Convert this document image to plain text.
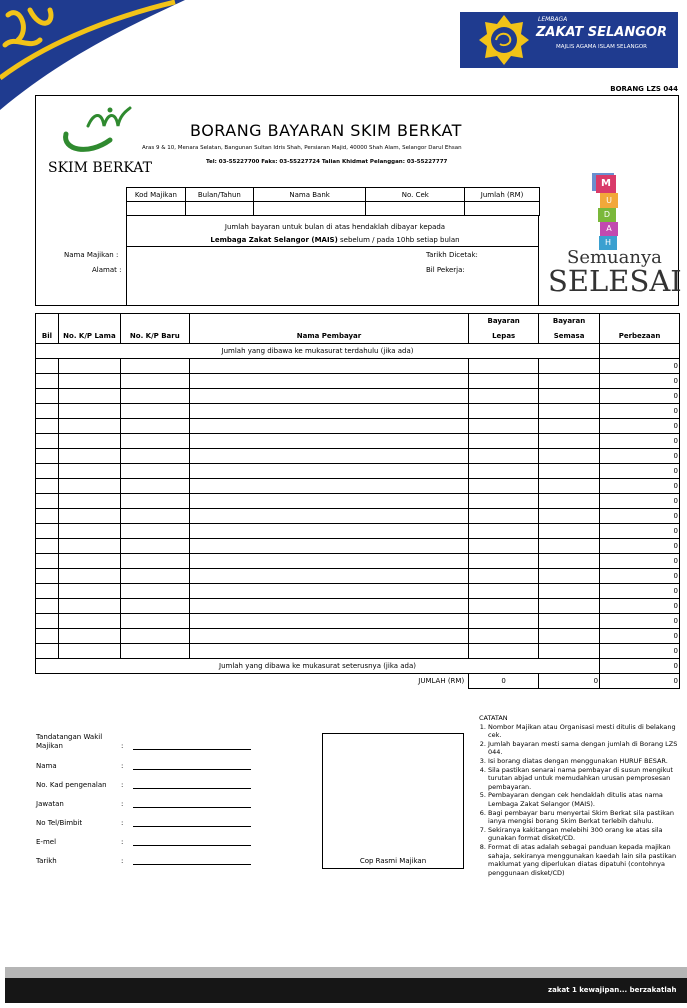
LEMBAGA
ZAKAT SELANGOR
MAJLIS AGAMA ISLAM SELANGOR
BORANG LZS 044
SKIM BERKAT
BORANG BAYARAN SKIM BERKAT
Aras 9 & 10, Menara Selatan, Bangunan Sultan Idris Shah, Persiaran Majid, 40000 Shah Alam, Selangor Darul Ehsan
Tel: 03-55227700 Faks: 03-55227724 Talian Khidmat Pelanggan: 03-55227777
Kod Majikan	Bulan/Tahun	Nama Bank	No. Cek	Jumlah (RM)

Jumlah bayaran untuk bulan di atas hendaklah dibayar kepada
Lembaga Zakat Selangor (MAIS) sebelum / pada 10hb setiap bulan
Nama Majikan :
Alamat :
Tarikh Dicetak:
Bil Pekerja:
M
U
D
A
H
Semuanya
SELESAI
				Bayaran	Bayaran	
Bil	No. K/P Lama	No. K/P Baru	Nama Pembayar	Lepas	Semasa	Perbezaan
Jumlah yang dibawa ke mukasurat terdahulu (jika ada)						
						0
						0
						0
						0
						0
						0
						0
						0
						0
						0
						0
						0
						0
						0
						0
						0
						0
						0
						0
						0
Jumlah yang dibawa ke mukasurat seterusnya (jika ada)						0
JUMLAH (RM)				0	0	0
Tandatangan Wakil
Majikan	:
Nama	:
No. Kad pengenalan :
Jawatan	:
No Tel/Bimbit	:
E-mel	:
Tarikh	:	Cop Rasmi Majikan
CATATAN
1. Nombor Majikan atau Organisasi mesti ditulis di belakang cek.
2. Jumlah bayaran mesti sama dengan jumlah di Borang LZS 044.
3. Isi borang diatas dengan menggunakan HURUF BESAR.
4. Sila pastikan senarai nama pembayar di susun mengikut turutan abjad untuk memudahkan urusan pemprosesan pembayaran.
5. Pembayaran dengan cek hendaklah ditulis atas nama Lembaga Zakat Selangor (MAIS).
6. Bagi pembayar baru menyertai Skim Berkat sila pastikan ianya mengisi borang Skim Berkat terlebih dahulu.
7. Sekiranya kakitangan melebihi 300 orang ke atas sila gunakan format disket/CD.
8. Format di atas adalah sebagai panduan kepada majikan sahaja, sekiranya menggunakan kaedah lain sila pastikan maklumat yang diperlukan diatas dipatuhi (contohnya penggunaan disket/CD)
zakat 1 kewajipan... berzakatlah
